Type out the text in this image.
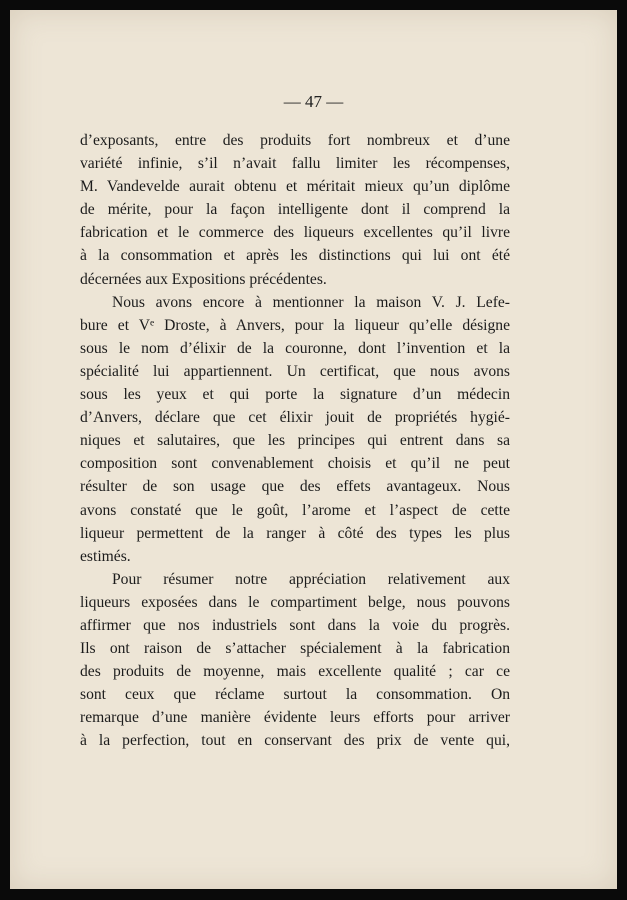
— 47 —

d’exposants, entre des produits fort nombreux et d’une
variété infinie, s’il n’avait fallu limiter les récompenses,
M. Vandevelde aurait obtenu et méritait mieux qu’un diplôme
de mérite, pour la façon intelligente dont il comprend la
fabrication et le commerce des liqueurs excellentes qu’il livre
à la consommation et après les distinctions qui lui ont été
décernées aux Expositions précédentes.
Nous avons encore à mentionner la maison V. J. Lefe-
bure et Vᵉ Droste, à Anvers, pour la liqueur qu’elle désigne
sous le nom d’élixir de la couronne, dont l’invention et la
spécialité lui appartiennent. Un certificat, que nous avons
sous les yeux et qui porte la signature d’un médecin
d’Anvers, déclare que cet élixir jouit de propriétés hygié-
niques et salutaires, que les principes qui entrent dans sa
composition sont convenablement choisis et qu’il ne peut
résulter de son usage que des effets avantageux. Nous
avons constaté que le goût, l’arome et l’aspect de cette
liqueur permettent de la ranger à côté des types les plus
estimés.
Pour résumer notre appréciation relativement aux
liqueurs exposées dans le compartiment belge, nous pouvons
affirmer que nos industriels sont dans la voie du progrès.
Ils ont raison de s’attacher spécialement à la fabrication
des produits de moyenne, mais excellente qualité ; car ce
sont ceux que réclame surtout la consommation. On
remarque d’une manière évidente leurs efforts pour arriver
à la perfection, tout en conservant des prix de vente qui,
